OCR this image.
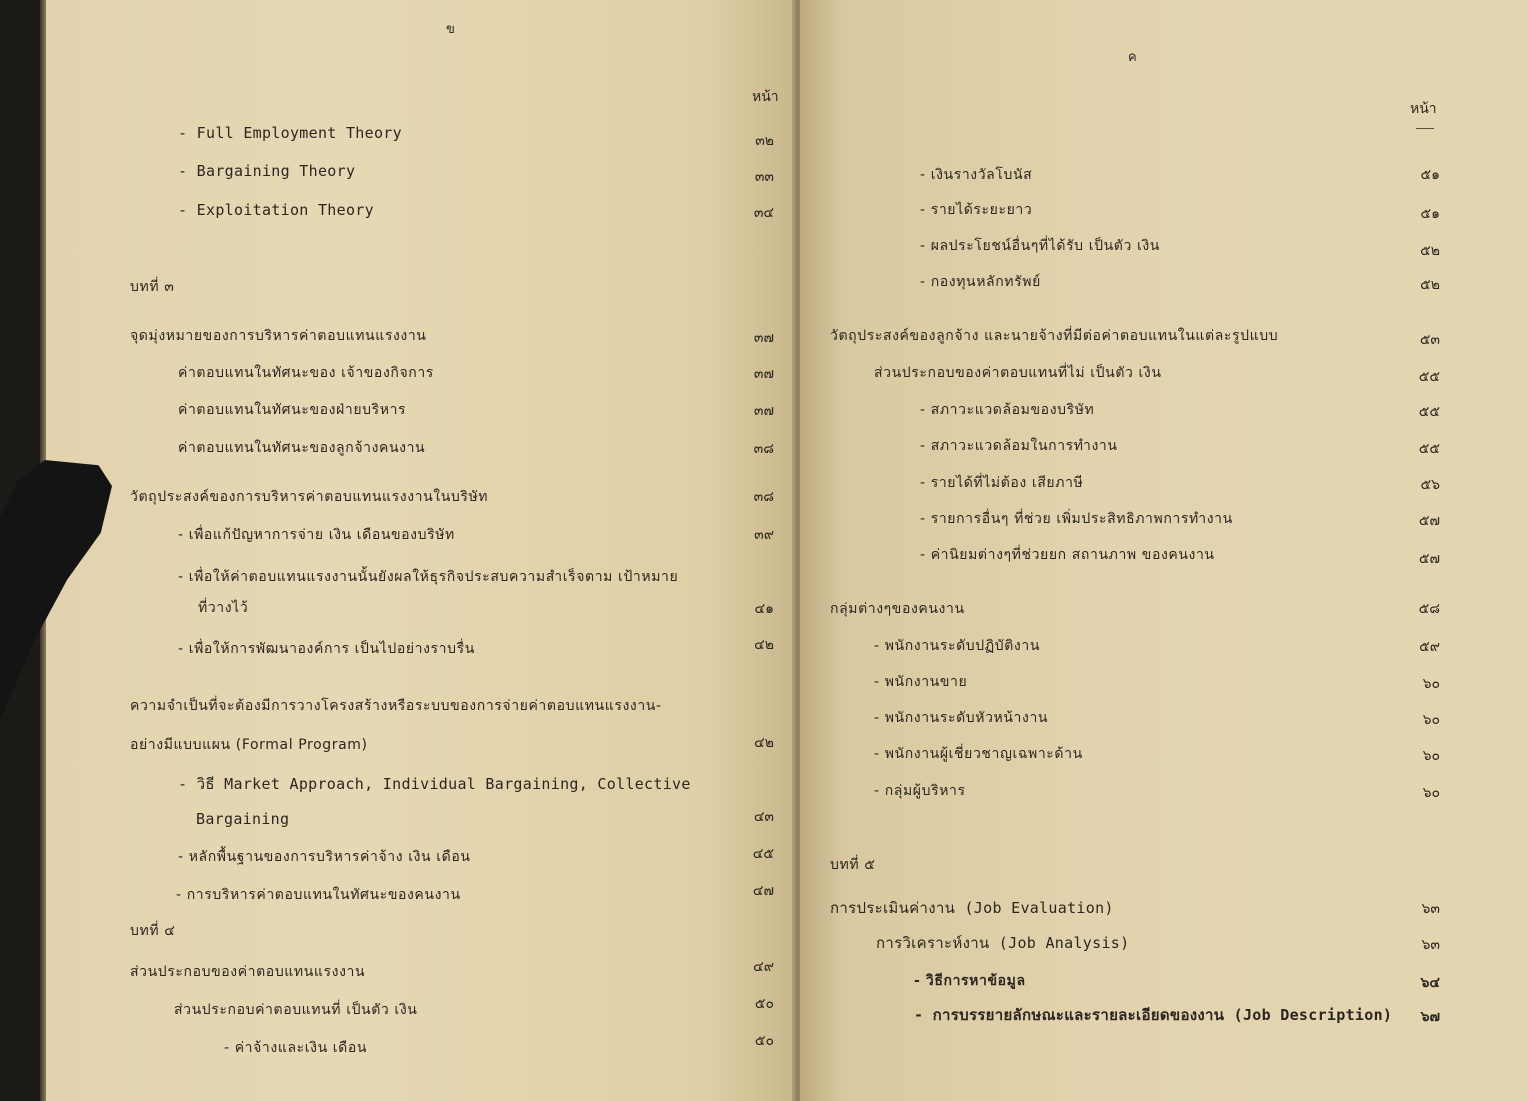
ข
หน้า
- Full Employment Theory	๓๒
- Bargaining Theory	๓๓
- Exploitation Theory	๓๔
บทที่ ๓
จุดมุ่งหมายของการบริหารค่าตอบแทนแรงงาน	๓๗
ค่าตอบแทนในทัศนะของ เจ้าของกิจการ	๓๗
ค่าตอบแทนในทัศนะของฝ่ายบริหาร	๓๗
ค่าตอบแทนในทัศนะของลูกจ้างคนงาน	๓๘
วัตถุประสงค์ของการบริหารค่าตอบแทนแรงงานในบริษัท	๓๘
- เพื่อแก้ปัญหาการจ่าย เงิน เดือนของบริษัท	๓๙
- เพื่อให้ค่าตอบแทนแรงงานนั้นยังผลให้ธุรกิจประสบความสำเร็จตาม เป้าหมาย
ที่วางไว้	๔๑
- เพื่อให้การพัฒนาองค์การ เป็นไปอย่างราบรื่น	๔๒
ความจำเป็นที่จะต้องมีการวางโครงสร้างหรือระบบของการจ่ายค่าตอบแทนแรงงาน-
อย่างมีแบบแผน (Formal Program)	๔๒
- วิธี Market Approach, Individual Bargaining, Collective
Bargaining	๔๓
- หลักพื้นฐานของการบริหารค่าจ้าง เงิน เดือน	๔๕
- การบริหารค่าตอบแทนในทัศนะของคนงาน	๔๗
บทที่ ๔
ส่วนประกอบของค่าตอบแทนแรงงาน	๔๙
ส่วนประกอบค่าตอบแทนที่ เป็นตัว เงิน	๕๐
- ค่าจ้างและเงิน เดือน	๕๐
ค
หน้า
- เงินรางวัลโบนัส	๕๑
- รายได้ระยะยาว	๕๑
- ผลประโยชน์อื่นๆที่ได้รับ เป็นตัว เงิน	๕๒
- กองทุนหลักทรัพย์	๕๒
วัตถุประสงค์ของลูกจ้าง และนายจ้างที่มีต่อค่าตอบแทนในแต่ละรูปแบบ	๕๓
ส่วนประกอบของค่าตอบแทนที่ไม่ เป็นตัว เงิน	๕๕
- สภาวะแวดล้อมของบริษัท	๕๕
- สภาวะแวดล้อมในการทำงาน	๕๕
- รายได้ที่ไม่ต้อง เสียภาษี	๕๖
- รายการอื่นๆ ที่ช่วย เพิ่มประสิทธิภาพการทำงาน	๕๗
- ค่านิยมต่างๆที่ช่วยยก สถานภาพ ของคนงาน	๕๗
กลุ่มต่างๆของคนงาน	๕๘
- พนักงานระดับปฏิบัติงาน	๕๙
- พนักงานขาย	๖๐
- พนักงานระดับหัวหน้างาน	๖๐
- พนักงานผู้เชี่ยวชาญเฉพาะด้าน	๖๐
- กลุ่มผู้บริหาร	๖๐
บทที่ ๕
การประเมินค่างาน (Job Evaluation)	๖๓
การวิเคราะห์งาน (Job Analysis)	๖๓
- วิธีการหาข้อมูล	๖๔
- การบรรยายลักษณะและรายละเอียดของงาน (Job Description)	๖๗
